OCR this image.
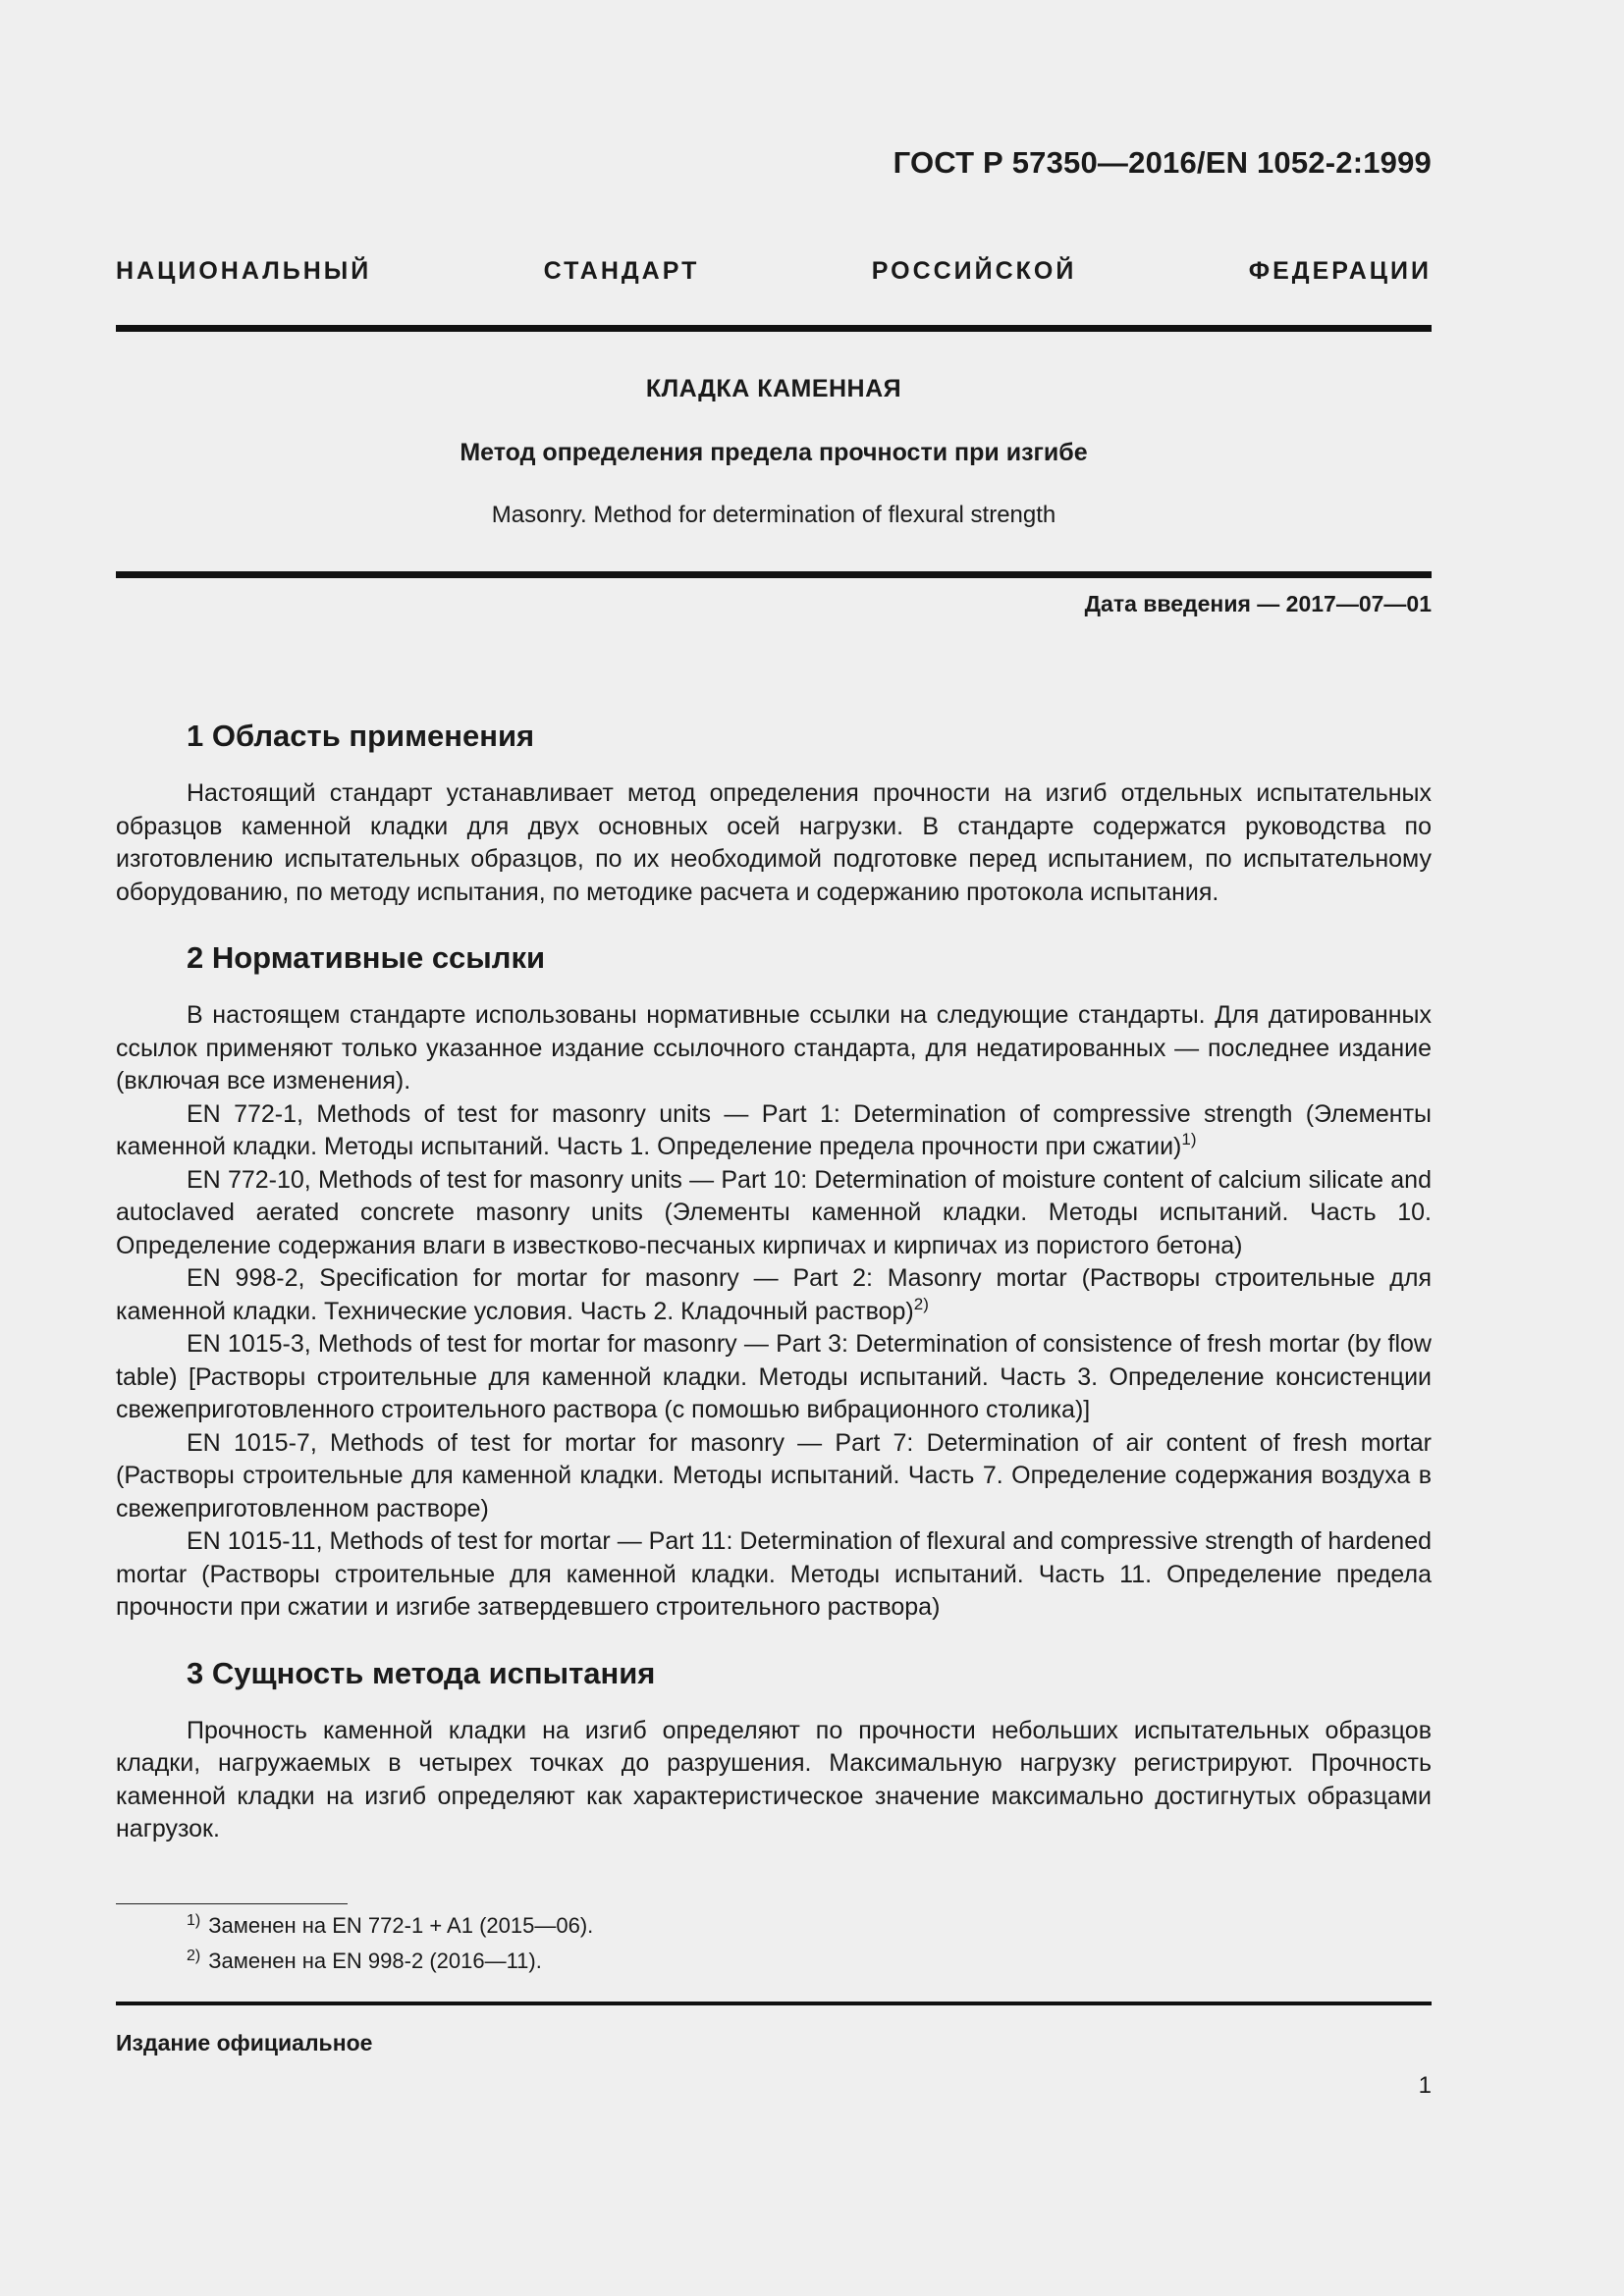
ГОСТ Р 57350—2016/EN 1052-2:1999
НАЦИОНАЛЬНЫЙ СТАНДАРТ РОССИЙСКОЙ ФЕДЕРАЦИИ
КЛАДКА КАМЕННАЯ
Метод определения предела прочности при изгибе
Masonry. Method for determination of flexural strength
Дата введения — 2017—07—01
1 Область применения

Настоящий стандарт устанавливает метод определения прочности на изгиб отдельных испытательных образцов каменной кладки для двух основных осей нагрузки. В стандарте содержатся руководства по изготовлению испытательных образцов, по их необходимой подготовке перед испытанием, по испытательному оборудованию, по методу испытания, по методике расчета и содержанию протокола испытания.

2 Нормативные ссылки

В настоящем стандарте использованы нормативные ссылки на следующие стандарты. Для датированных ссылок применяют только указанное издание ссылочного стандарта, для недатированных — последнее издание (включая все изменения).

EN 772-1, Methods of test for masonry units — Part 1: Determination of compressive strength (Элементы каменной кладки. Методы испытаний. Часть 1. Определение предела прочности при сжатии)$^{1)}$

EN 772-10, Methods of test for masonry units — Part 10: Determination of moisture content of calcium silicate and autoclaved aerated concrete masonry units (Элементы каменной кладки. Методы испытаний. Часть 10. Определение содержания влаги в известково-песчаных кирпичах и кирпичах из пористого бетона)

EN 998-2, Specification for mortar for masonry — Part 2: Masonry mortar (Растворы строительные для каменной кладки. Технические условия. Часть 2. Кладочный раствор)$^{2)}$

EN 1015-3, Methods of test for mortar for masonry — Part 3: Determination of consistence of fresh mortar (by flow table) [Растворы строительные для каменной кладки. Методы испытаний. Часть 3. Определение консистенции свежеприготовленного строительного раствора (с помошью вибрационного столика)]

EN 1015-7, Methods of test for mortar for masonry — Part 7: Determination of air content of fresh mortar (Растворы строительные для каменной кладки. Методы испытаний. Часть 7. Определение содержания воздуха в свежеприготовленном растворе)

EN 1015-11, Methods of test for mortar — Part 11: Determination of flexural and compressive strength of hardened mortar (Растворы строительные для каменной кладки. Методы испытаний. Часть 11. Определение предела прочности при сжатии и изгибе затвердевшего строительного раствора)

3 Сущность метода испытания

Прочность каменной кладки на изгиб определяют по прочности небольших испытательных образцов кладки, нагружаемых в четырех точках до разрушения. Максимальную нагрузку регистрируют. Прочность каменной кладки на изгиб определяют как характеристическое значение максимально достигнутых образцами нагрузок.

$^{1)}$ Заменен на EN 772-1 + A1 (2015—06).
$^{2)}$ Заменен на EN 998-2 (2016—11).
Издание официальное
1
